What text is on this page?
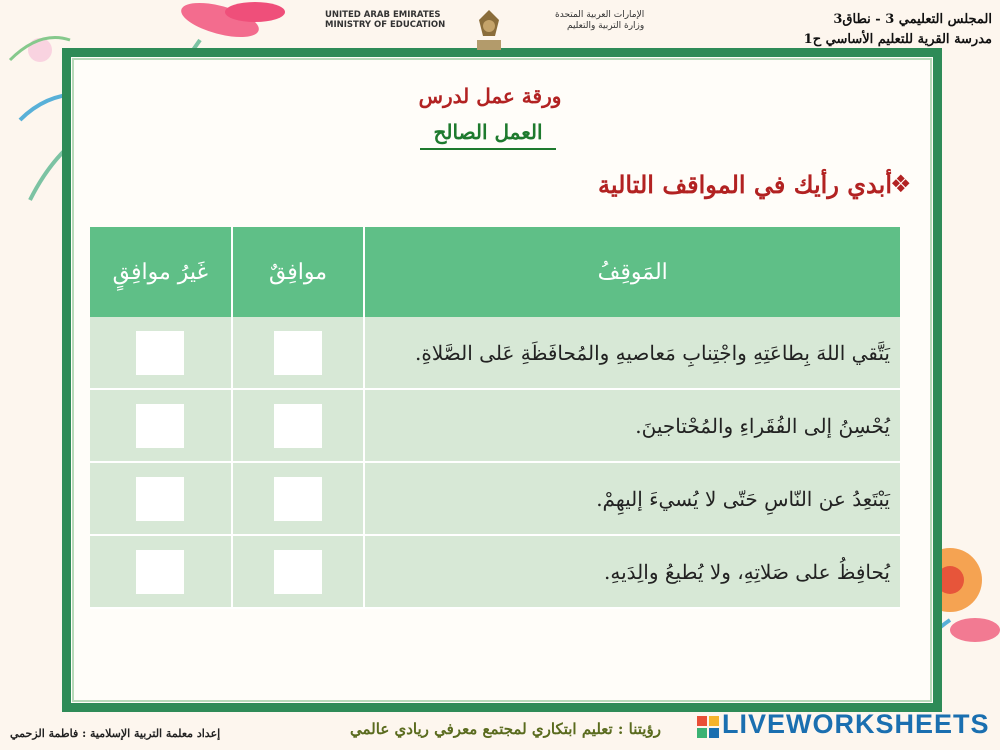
UNITED ARAB EMIRATES
MINISTRY OF EDUCATION
الإمارات العربية المتحدة
وزارة التربية والتعليم	المجلس التعليمي 3 - نطاق3
مدرسة القرية للتعليم الأساسي ح1
ورقة عمل لدرس
العمل الصالح
❖
أبدي رأيك في المواقف التالية
المَوقِفُ	موافِقٌ	غَيرُ موافِقٍ
يَتَّقي اللهَ بِطاعَتِهِ واجْتِنابِ مَعاصيهِ والمُحافَظَةِ عَلى الصَّلاةِ.	

يُحْسِنُ إلى الفُقَراءِ والمُحْتاجينَ.	

يَبْتَعِدُ عن النّاسِ حَتّى لا يُسيءَ إليهِمْ.	

يُحافِظُ على صَلاتِهِ، ولا يُطيعُ والِدَيهِ.	

إعداد معلمة التربية الإسلامية : فاطمة الزحمي	رؤيتنا : تعليم ابتكاري لمجتمع معرفي ريادي عالمي LIVEWORKSHEETS
